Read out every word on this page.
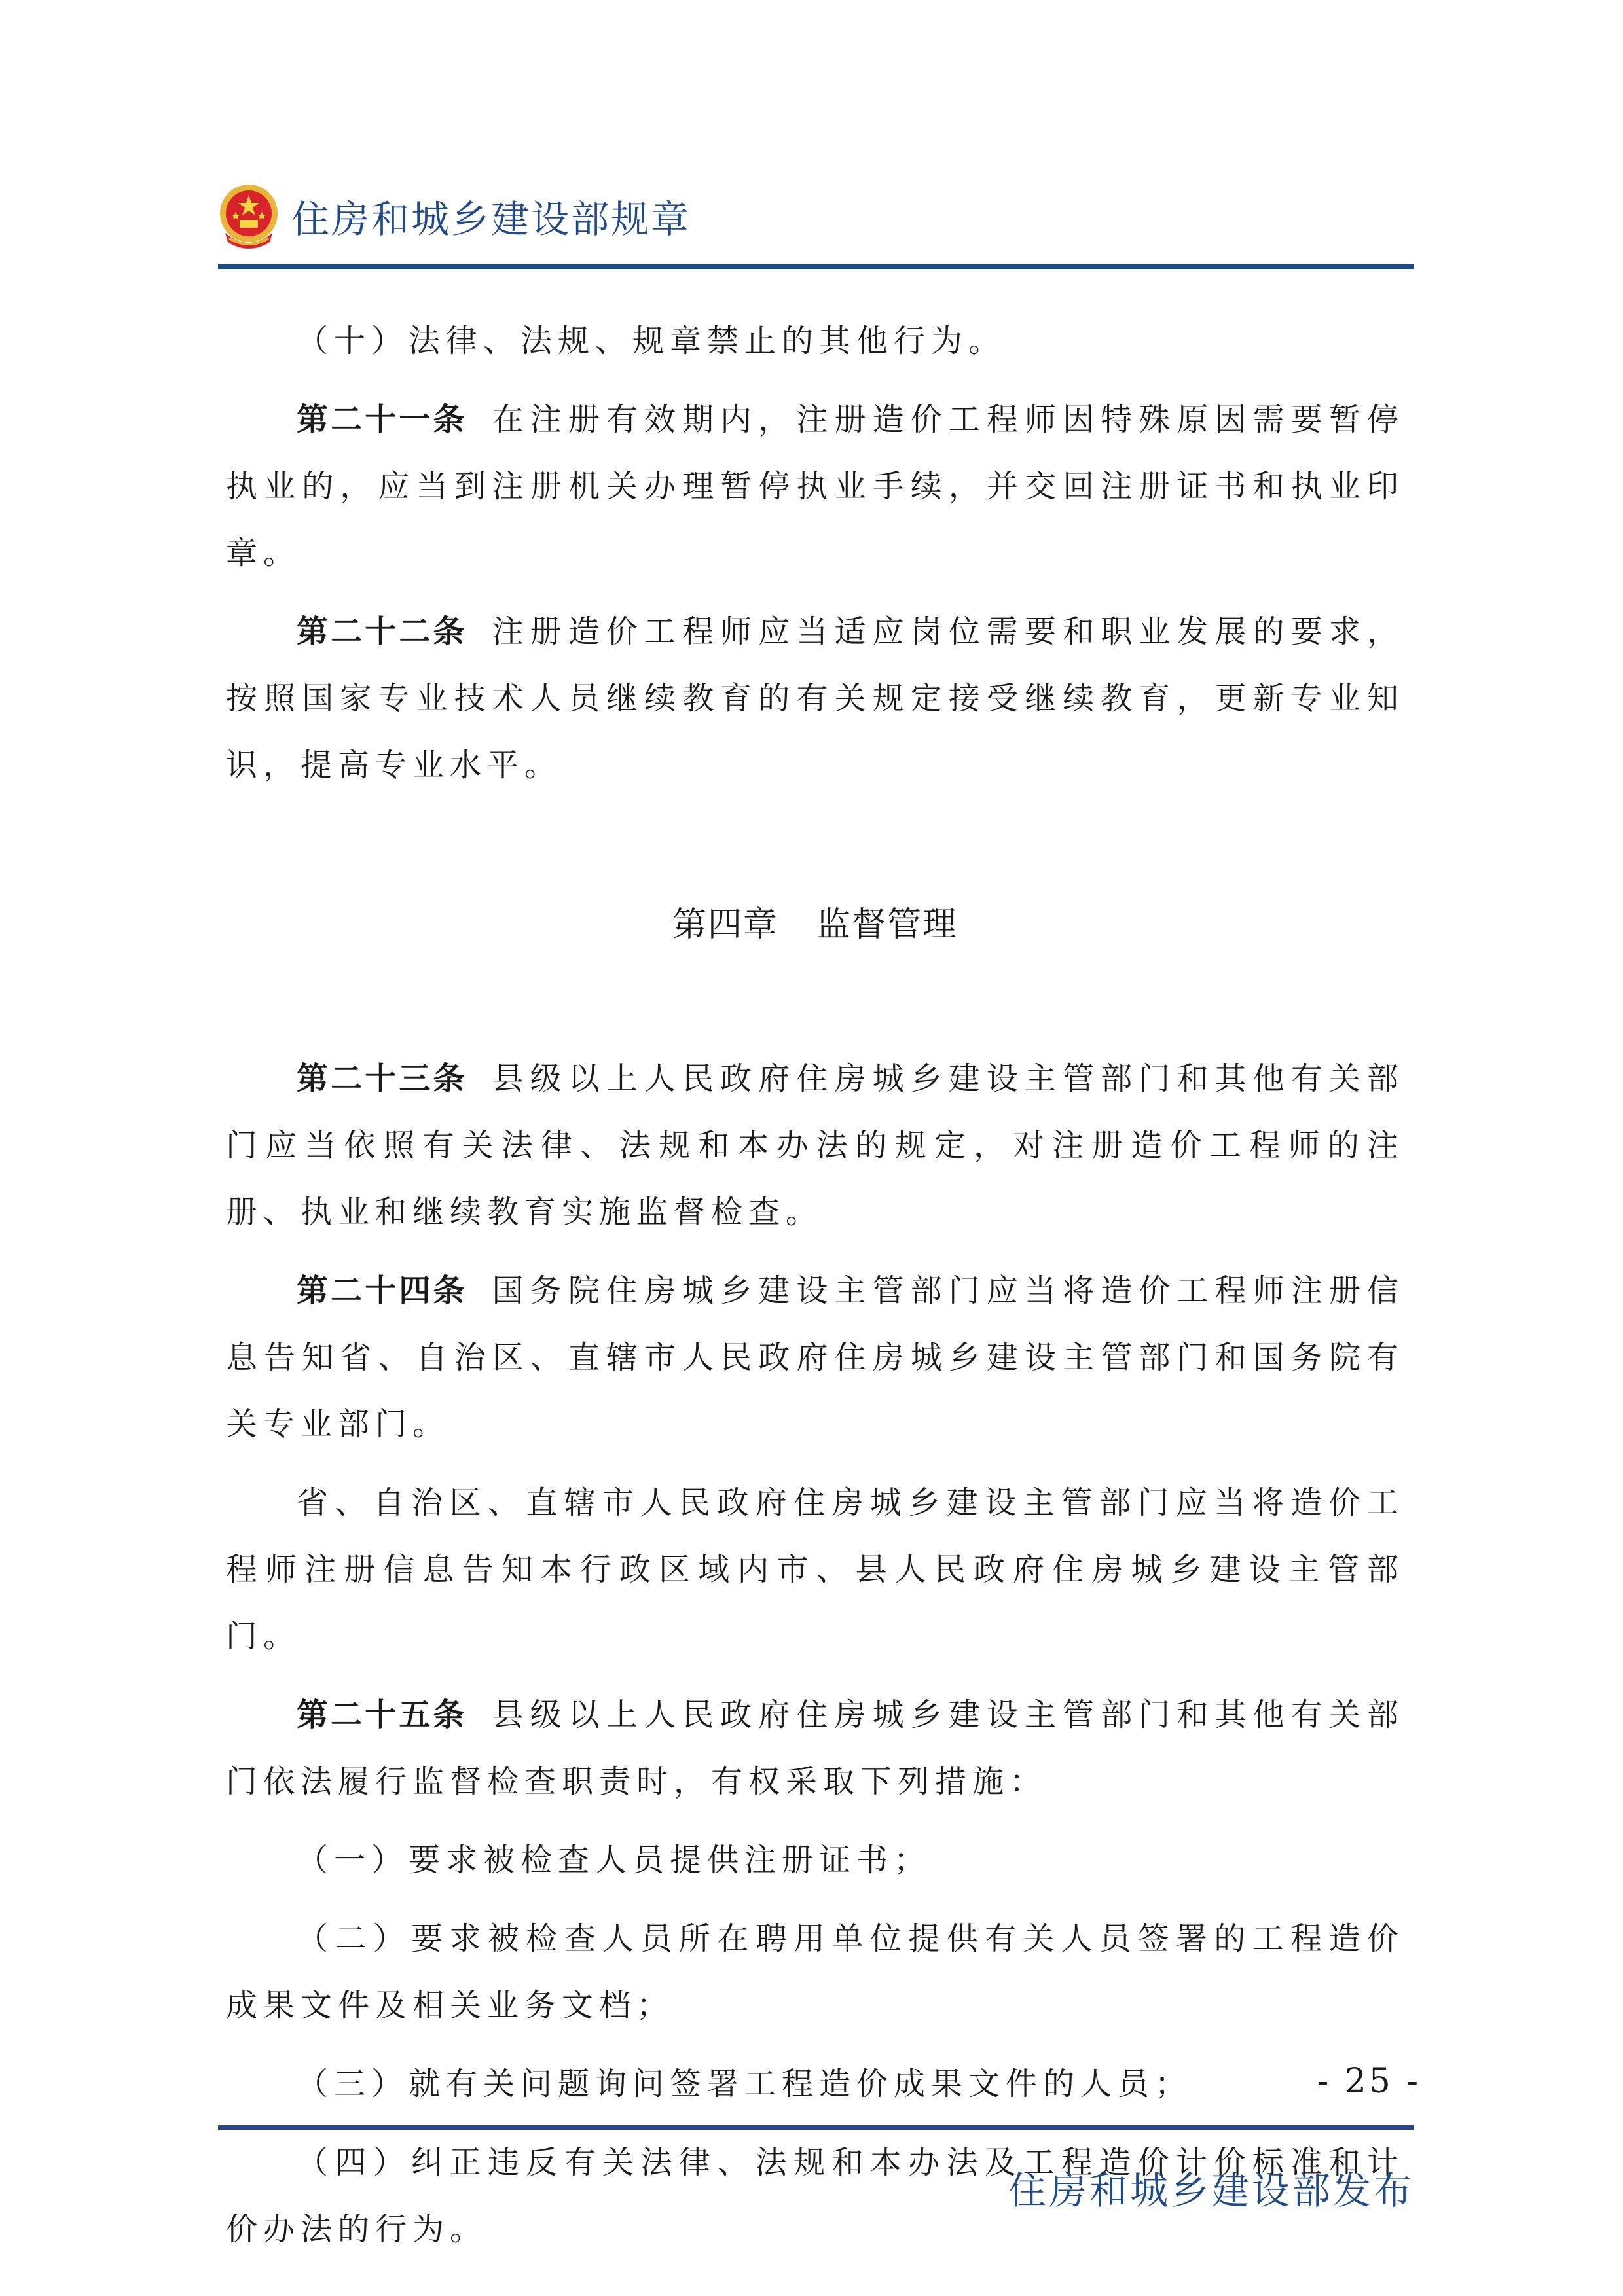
住房和城乡建设部规章

（十）法律、法规、规章禁止的其他行为。

第二十一条 在注册有效期内，注册造价工程师因特殊原因需要暂停执业的，应当到注册机关办理暂停执业手续，并交回注册证书和执业印章。

第二十二条 注册造价工程师应当适应岗位需要和职业发展的要求，按照国家专业技术人员继续教育的有关规定接受继续教育，更新专业知识，提高专业水平。

第四章 监督管理

第二十三条 县级以上人民政府住房城乡建设主管部门和其他有关部门应当依照有关法律、法规和本办法的规定，对注册造价工程师的注册、执业和继续教育实施监督检查。

第二十四条 国务院住房城乡建设主管部门应当将造价工程师注册信息告知省、自治区、直辖市人民政府住房城乡建设主管部门和国务院有关专业部门。

省、自治区、直辖市人民政府住房城乡建设主管部门应当将造价工程师注册信息告知本行政区域内市、县人民政府住房城乡建设主管部门。

第二十五条 县级以上人民政府住房城乡建设主管部门和其他有关部门依法履行监督检查职责时，有权采取下列措施：

（一）要求被检查人员提供注册证书；

（二）要求被检查人员所在聘用单位提供有关人员签署的工程造价成果文件及相关业务文档；

（三）就有关问题询问签署工程造价成果文件的人员；

（四）纠正违反有关法律、法规和本办法及工程造价计价标准和计价办法的行为。

- 25 -
住房和城乡建设部发布
